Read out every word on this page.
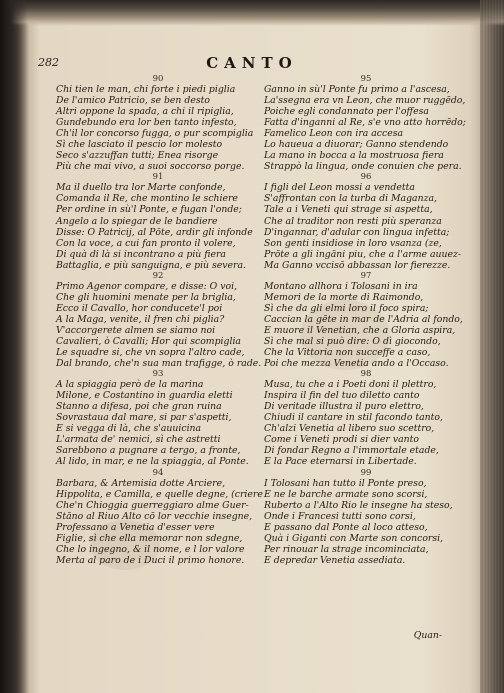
282	CANTO
90
Chi tien le man, chi forte i piedi piglia
De l'amico Patricio, se ben desto
Altri oppone la spada, a chi il ripiglia,
Gundebundo era lor ben tanto infesto,
Ch'il lor concorso fugga, o pur scompiglia
Sì che lasciato il pescio lor molesto
Seco s'azzuffan tutti; Enea risorge
Più che mai vivo, a suoi soccorso porge.
91
Ma il duello tra lor Marte confonde,
Comanda il Re, che montino le schiere
Per ordine in sù'l Ponte, e fugan l'onde;
Angelo a lo spiegar de le bandiere
Disse: O Patricij, al Pōte, ardir gli infonde
Con la voce, a cui fan pronto il volere,
Di quà di là si incontrano a più fiera
Battaglia, e più sanguigna, e più severa.
92
Primo Agenor compare, e disse: O voi,
Che gli huomini menate per la briglia,
Ecco il Cavallo, hor conducete'l poi
A la Maga, venite, il fren chi piglia?
V'accorgerete almen se siamo noi
Cavalieri, ò Cavalli; Hor qui scompiglia
Le squadre si, che vn sopra l'altro cade,
Dal brando, che'n sua man trafigge, ò rade.
93
A la spiaggia però de la marina
Milone, e Costantino in guardia eletti
Stanno a difesa, poi che gran ruina
Sovrastaua dal mare, si par s'aspetti,
E si vegga di là, che s'auuicina
L'armata de' nemici, sì che astretti
Sarebbono a pugnare a tergo, a fronte,
Al lido, in mar, e ne la spiaggia, al Ponte.
94
Barbara, & Artemisia dotte Arciere,
Hippolita, e Camilla, e quelle degne, (criere
Che'n Chioggia guerreggiaro alme Guer-
Stāno al Riuo Alto cō lor vecchie insegne,
Professano a Venetia d'esser vere
Figlie, sì che ella memorar non sdegne,
Che lo ingegno, & il nome, e l lor valore
Merta al paro de i Duci il primo honore.
95
Ganno in sù'l Ponte fu primo a l'ascesa,
La'ssegna era vn Leon, che muor ruggēdo,
Poiche egli condannato per l'offesa
Fatta d'inganni al Re, s'e vno atto horrēdo;
Famelico Leon con ira accesa
Lo haueua a diuorar; Ganno stendendo
La mano in bocca a la mostruosa fiera
Strappò la lingua, onde conuien che pera.
96
I figli del Leon mossi a vendetta
S'affrontan con la turba di Maganza,
Tale a i Veneti qui strage si aspetta,
Che al traditor non resti più speranza
D'ingannar, d'adular con lingua infetta;
Son genti insidiose in loro vsanza (ze,
Prōte a gli ingāni piu, che a l'arme auuez-
Ma Ganno vccisō abbassan lor fierezze.
97
Montano allhora i Tolosani in ira
Memori de la morte di Raimondo,
Sì che da gli elmi loro il foco spira;
Caccian la gēte in mar de l'Adria al fondo,
E muore il Venetian, che a Gloria aspira,
Sì che mal si può dire: O dì giocondo,
Che la Vittoria non succeffe a caso,
Poi che mezza Venetia ando a l'Occaso.
98
Musa, tu che a i Poeti doni il plettro,
Inspira il fin del tuo diletto canto
Di veritade illustra il puro elettro,
Chiudi il cantare in stil facondo tanto,
Ch'alzi Venetia al libero suo scettro,
Come i Veneti prodi si dier vanto
Di fondar Regno a l'immortale etade,
E la Pace eternarsi in Libertade.
99
I Tolosani han tutto il Ponte preso,
E ne le barche armate sono scorsi,
Ruberto a l'Alto Rio le insegne ha steso,
Onde i Francesi tutti sono corsi,
E passano dal Ponte al loco atteso,
Quà i Giganti con Marte son concorsi,
Per rinouar la strage incominciata,
E depredar Venetia assediata.
Quan-
